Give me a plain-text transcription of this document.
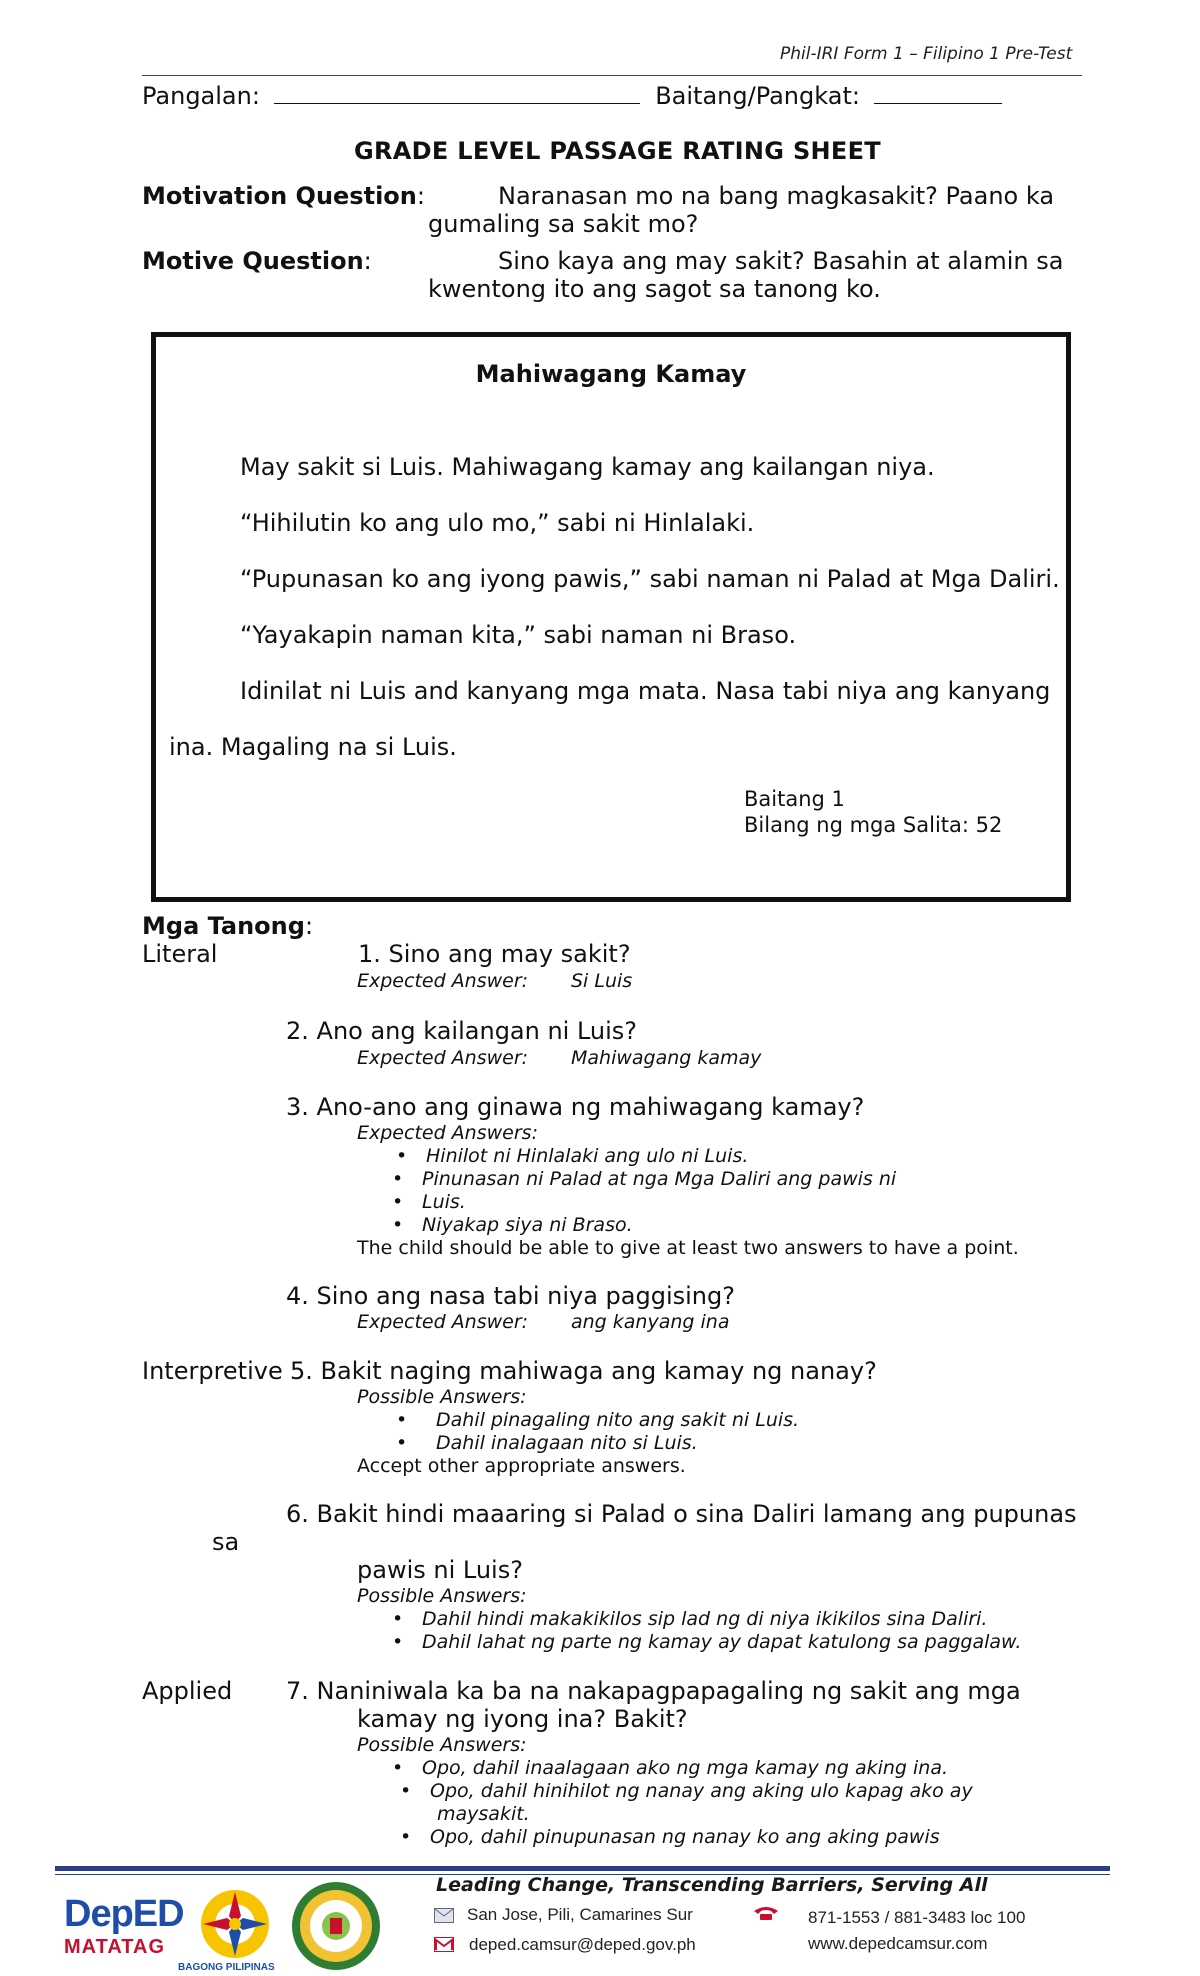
Phil-IRI Form 1 – Filipino 1 Pre-Test
Pangalan:	Baitang/Pangkat:
GRADE LEVEL PASSAGE RATING SHEET
Motivation Question:	Naranasan mo na bang magkasakit? Paano ka
gumaling sa sakit mo?
Motive Question:	Sino kaya ang may sakit? Basahin at alamin sa
kwentong ito ang sagot sa tanong ko.
Mahiwagang Kamay
May sakit si Luis. Mahiwagang kamay ang kailangan niya.
“Hihilutin ko ang ulo mo,” sabi ni Hinlalaki.
“Pupunasan ko ang iyong pawis,” sabi naman ni Palad at Mga Daliri.
“Yayakapin naman kita,” sabi naman ni Braso.
Idinilat ni Luis and kanyang mga mata. Nasa tabi niya ang kanyang
ina. Magaling na si Luis.
Baitang 1
Bilang ng mga Salita: 52
Mga Tanong:
Literal	1. Sino ang may sakit?
Expected Answer: Si Luis
2. Ano ang kailangan ni Luis?
Expected Answer: Mahiwagang kamay
3. Ano-ano ang ginawa ng mahiwagang kamay?
Expected Answers:
• Hinilot ni Hinlalaki ang ulo ni Luis.
• Pinunasan ni Palad at nga Mga Daliri ang pawis ni
• Luis.
• Niyakap siya ni Braso.
The child should be able to give at least two answers to have a point.
4. Sino ang nasa tabi niya paggising?
Expected Answer: ang kanyang ina
Interpretive 5. Bakit naging mahiwaga ang kamay ng nanay?
Possible Answers:
• Dahil pinagaling nito ang sakit ni Luis.
• Dahil inalagaan nito si Luis.
Accept other appropriate answers.
6. Bakit hindi maaaring si Palad o sina Daliri lamang ang pupunas
sa
pawis ni Luis?
Possible Answers:
• Dahil hindi makakikilos sip lad ng di niya ikikilos sina Daliri.
• Dahil lahat ng parte ng kamay ay dapat katulong sa paggalaw.
Applied 7. Naniniwala ka ba na nakapagpapagaling ng sakit ang mga
kamay ng iyong ina? Bakit?
Possible Answers:
• Opo, dahil inaalagaan ako ng mga kamay ng aking ina.
• Opo, dahil hinihilot ng nanay ang aking ulo kapag ako ay
maysakit.
• Opo, dahil pinupunasan ng nanay ko ang aking pawis
Leading Change, Transcending Barriers, Serving All
DepED
MATATAG
BAGONG PILIPINAS
San Jose, Pili, Camarines Sur
deped.camsur@deped.gov.ph
871-1553 / 881-3483 loc 100
www.depedcamsur.com
